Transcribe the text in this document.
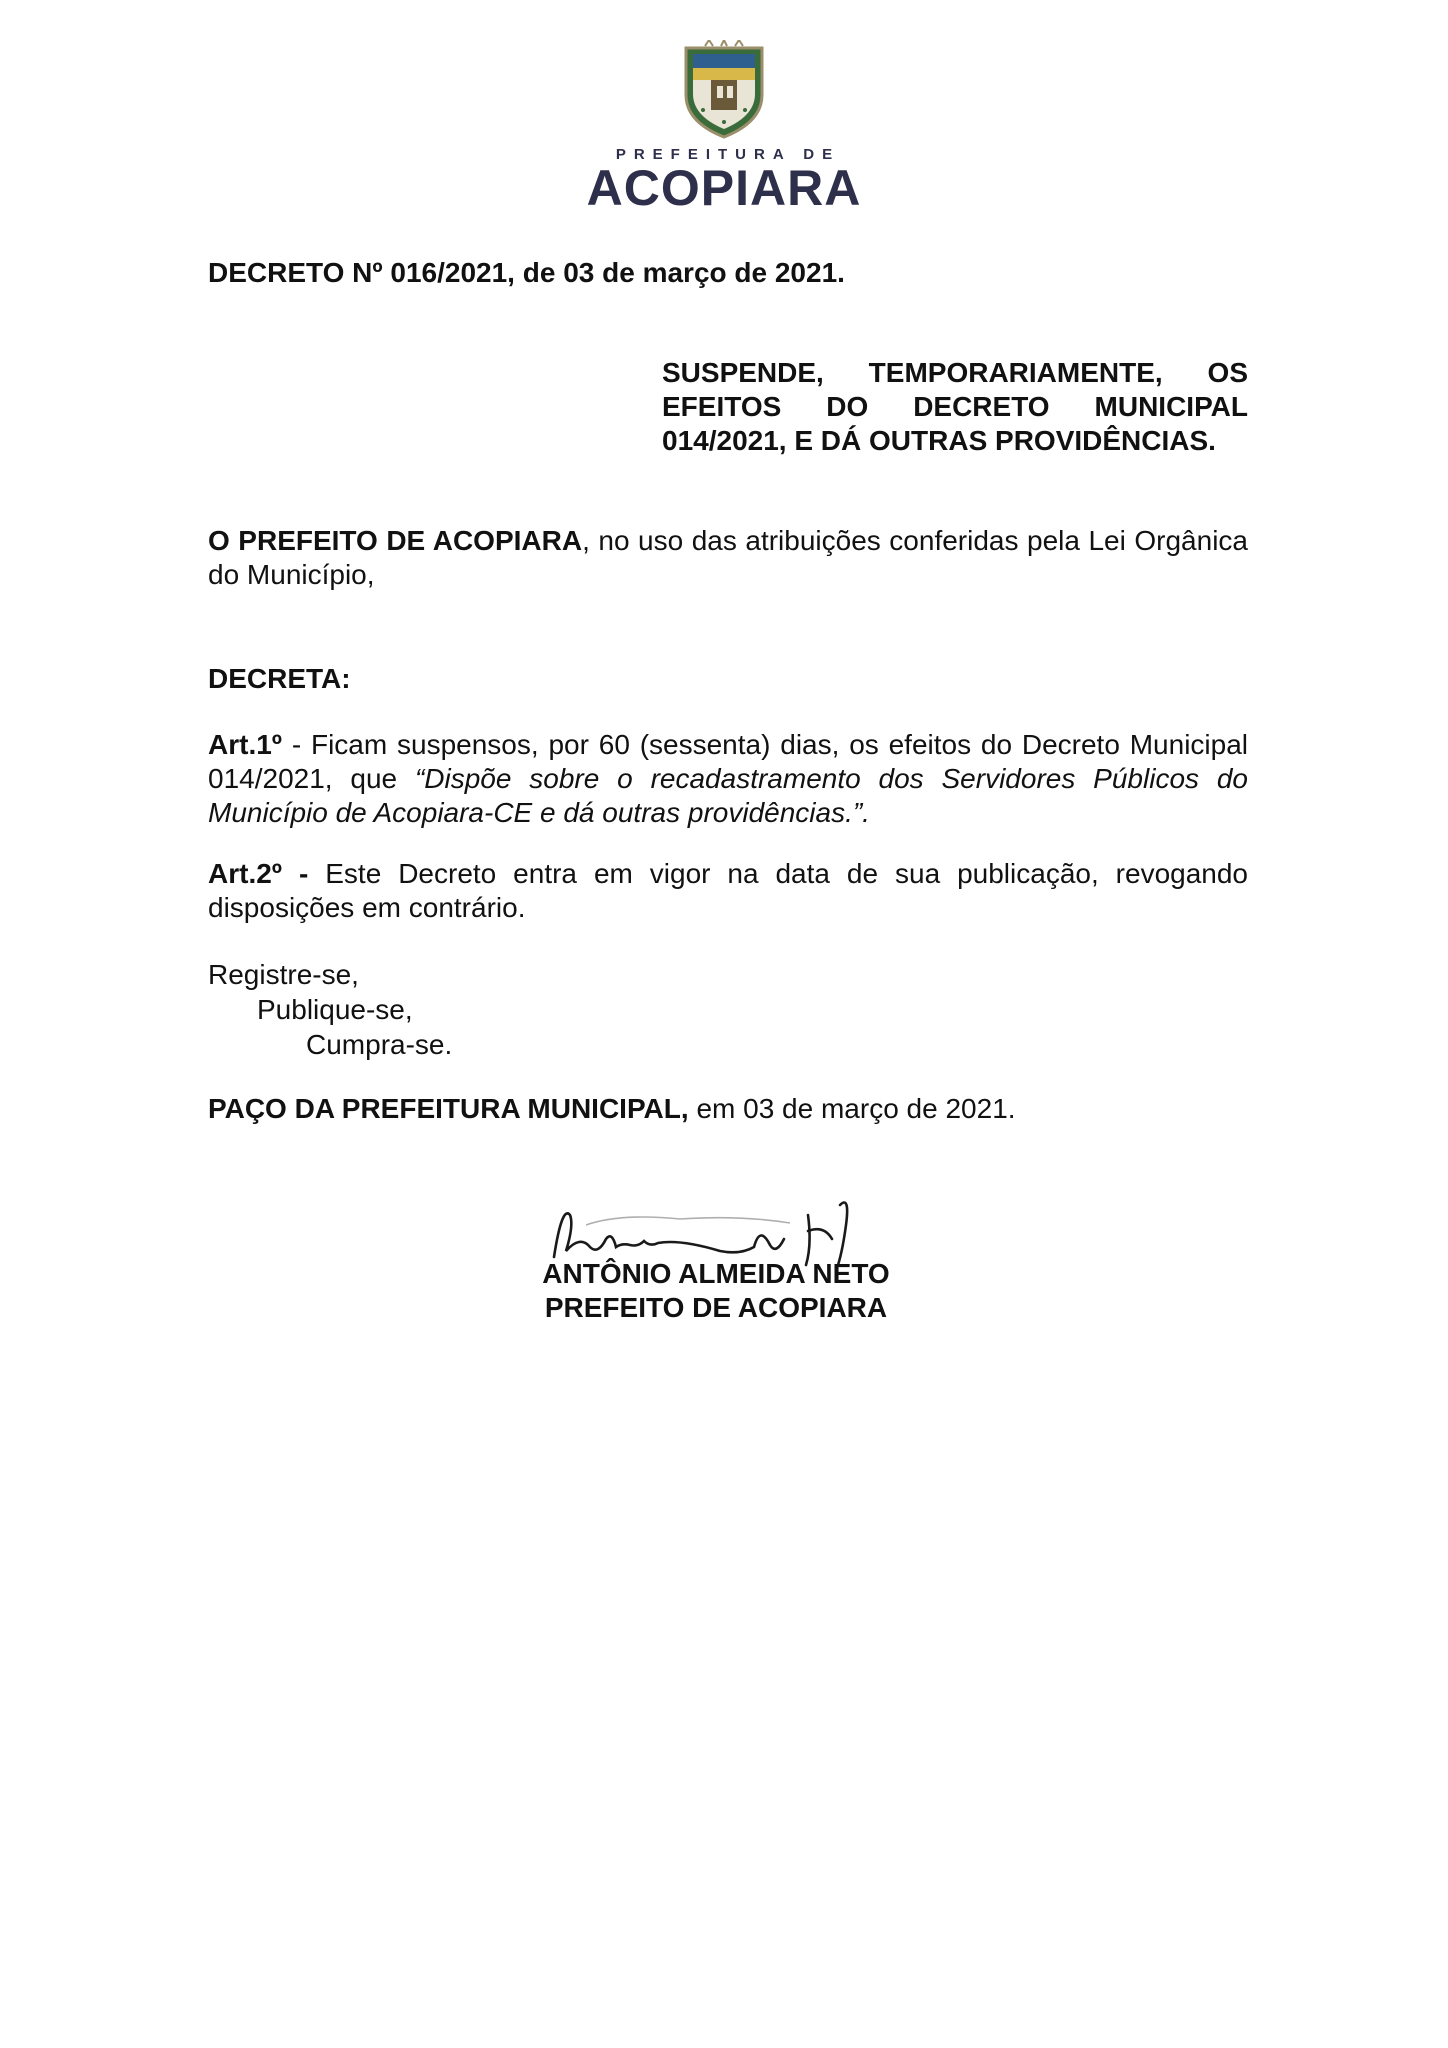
PREFEITURA DE
ACOPIARA
DECRETO Nº 016/2021, de 03 de março de 2021.
SUSPENDE, TEMPORARIAMENTE, OS EFEITOS DO DECRETO MUNICIPAL 014/2021, E DÁ OUTRAS PROVIDÊNCIAS.
O PREFEITO DE ACOPIARA, no uso das atribuições conferidas pela Lei Orgânica do Município,
DECRETA:
Art.1º - Ficam suspensos, por 60 (sessenta) dias, os efeitos do Decreto Municipal 014/2021, que “Dispõe sobre o recadastramento dos Servidores Públicos do Município de Acopiara-CE e dá outras providências.”.
Art.2º - Este Decreto entra em vigor na data de sua publicação, revogando disposições em contrário.
Registre-se,
Publique-se,
Cumpra-se.
PAÇO DA PREFEITURA MUNICIPAL, em 03 de março de 2021.
ANTÔNIO ALMEIDA NETO
PREFEITO DE ACOPIARA
